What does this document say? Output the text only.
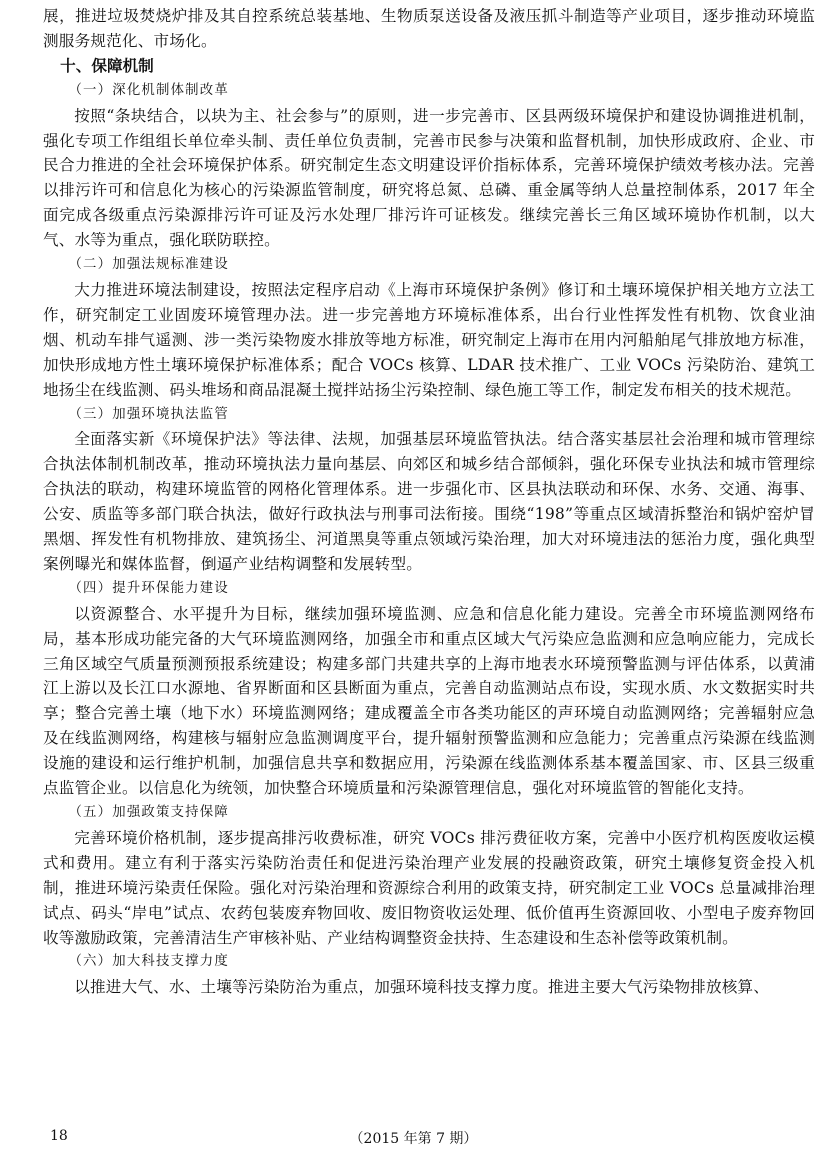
展，推进垃圾焚烧炉排及其自控系统总装基地、生物质泵送设备及液压抓斗制造等产业项目，逐步推动环境监测服务规范化、市场化。

十、保障机制
（一）深化机制体制改革

按照“条块结合，以块为主、社会参与”的原则，进一步完善市、区县两级环境保护和建设协调推进机制，强化专项工作组组长单位牵头制、责任单位负责制，完善市民参与决策和监督机制，加快形成政府、企业、市民合力推进的全社会环境保护体系。研究制定生态文明建设评价指标体系，完善环境保护绩效考核办法。完善以排污许可和信息化为核心的污染源监管制度，研究将总氮、总磷、重金属等纳人总量控制体系，2017 年全面完成各级重点污染源排污许可证及污水处理厂排污许可证核发。继续完善长三角区域环境协作机制，以大气、水等为重点，强化联防联控。

（二）加强法规标准建设

大力推进环境法制建设，按照法定程序启动《上海市环境保护条例》修订和土壤环境保护相关地方立法工作，研究制定工业固废环境管理办法。进一步完善地方环境标准体系，出台行业性挥发性有机物、饮食业油烟、机动车排气遥测、涉一类污染物废水排放等地方标准，研究制定上海市在用内河船舶尾气排放地方标准，加快形成地方性土壤环境保护标准体系；配合 VOCs 核算、LDAR 技术推广、工业 VOCs 污染防治、建筑工地扬尘在线监测、码头堆场和商品混凝土搅拌站扬尘污染控制、绿色施工等工作，制定发布相关的技术规范。

（三）加强环境执法监管

全面落实新《环境保护法》等法律、法规，加强基层环境监管执法。结合落实基层社会治理和城市管理综合执法体制机制改革，推动环境执法力量向基层、向郊区和城乡结合部倾斜，强化环保专业执法和城市管理综合执法的联动，构建环境监管的网格化管理体系。进一步强化市、区县执法联动和环保、水务、交通、海事、公安、质监等多部门联合执法，做好行政执法与刑事司法衔接。围绕“198”等重点区域清拆整治和锅炉窑炉冒黑烟、挥发性有机物排放、建筑扬尘、河道黑臭等重点领域污染治理，加大对环境违法的惩治力度，强化典型案例曝光和媒体监督，倒逼产业结构调整和发展转型。

（四）提升环保能力建设

以资源整合、水平提升为目标，继续加强环境监测、应急和信息化能力建设。完善全市环境监测网络布局，基本形成功能完备的大气环境监测网络，加强全市和重点区域大气污染应急监测和应急响应能力，完成长三角区域空气质量预测预报系统建设；构建多部门共建共享的上海市地表水环境预警监测与评估体系，以黄浦江上游以及长江口水源地、省界断面和区县断面为重点，完善自动监测站点布设，实现水质、水文数据实时共享；整合完善土壤（地下水）环境监测网络；建成覆盖全市各类功能区的声环境自动监测网络；完善辐射应急及在线监测网络，构建核与辐射应急监测调度平台，提升辐射预警监测和应急能力；完善重点污染源在线监测设施的建设和运行维护机制，加强信息共享和数据应用，污染源在线监测体系基本覆盖国家、市、区县三级重点监管企业。以信息化为统领，加快整合环境质量和污染源管理信息，强化对环境监管的智能化支持。

（五）加强政策支持保障

完善环境价格机制，逐步提高排污收费标准，研究 VOCs 排污费征收方案，完善中小医疗机构医废收运模式和费用。建立有利于落实污染防治责任和促进污染治理产业发展的投融资政策，研究土壤修复资金投入机制，推进环境污染责任保险。强化对污染治理和资源综合利用的政策支持，研究制定工业 VOCs 总量减排治理试点、码头“岸电”试点、农药包装废弃物回收、废旧物资收运处理、低价值再生资源回收、小型电子废弃物回收等激励政策，完善清洁生产审核补贴、产业结构调整资金扶持、生态建设和生态补偿等政策机制。

（六）加大科技支撑力度

以推进大气、水、土壤等污染防治为重点，加强环境科技支撑力度。推进主要大气污染物排放核算、

18	（2015 年第 7 期）
